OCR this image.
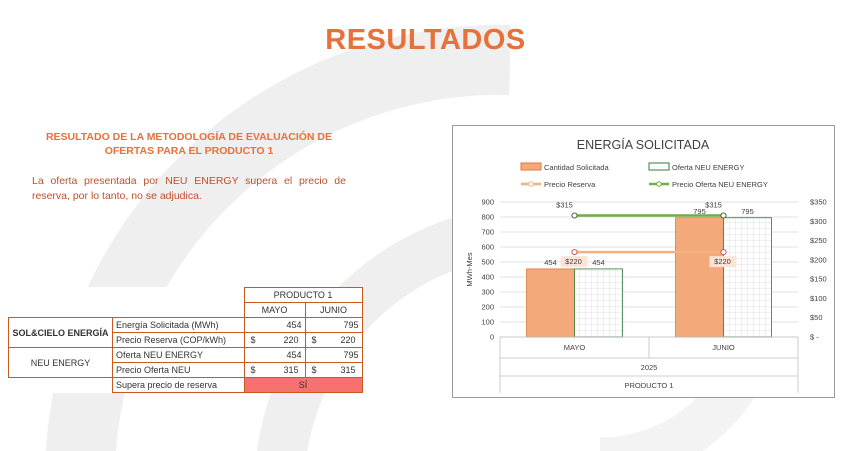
RESULTADOS
RESULTADO DE LA METODOLOGÍA DE EVALUACIÓN DE OFERTAS PARA EL PRODUCTO 1
La oferta presentada por NEU ENERGY supera el precio de reserva, por lo tanto, no se adjudica.
		PRODUCTO 1	
		MAYO	JUNIO
SOL&CIELO ENERGÍA	Energía Solicitada (MWh)	454	795
	Precio Reserva (COP/kWh)	$ 220	$ 220

NEU ENERGY	Oferta NEU ENERGY	454	795
	Precio Oferta NEU	$ 315	$ 315

	Supera precio de reserva	SÍ	
ENERGÍA SOLICITADA
Cantidad Solicitada	Oferta NEU ENERGY
Precio Reserva	Precio Oferta NEU ENERGY
0
100
200
300
400
500
600
700
800
900
$ -
$50
$100
$150
$200
$250
$300
$350
MWh-Mes	454	454
795	795
$220	$220
$315	$315
MAYO	JUNIO
2025
PRODUCTO 1
